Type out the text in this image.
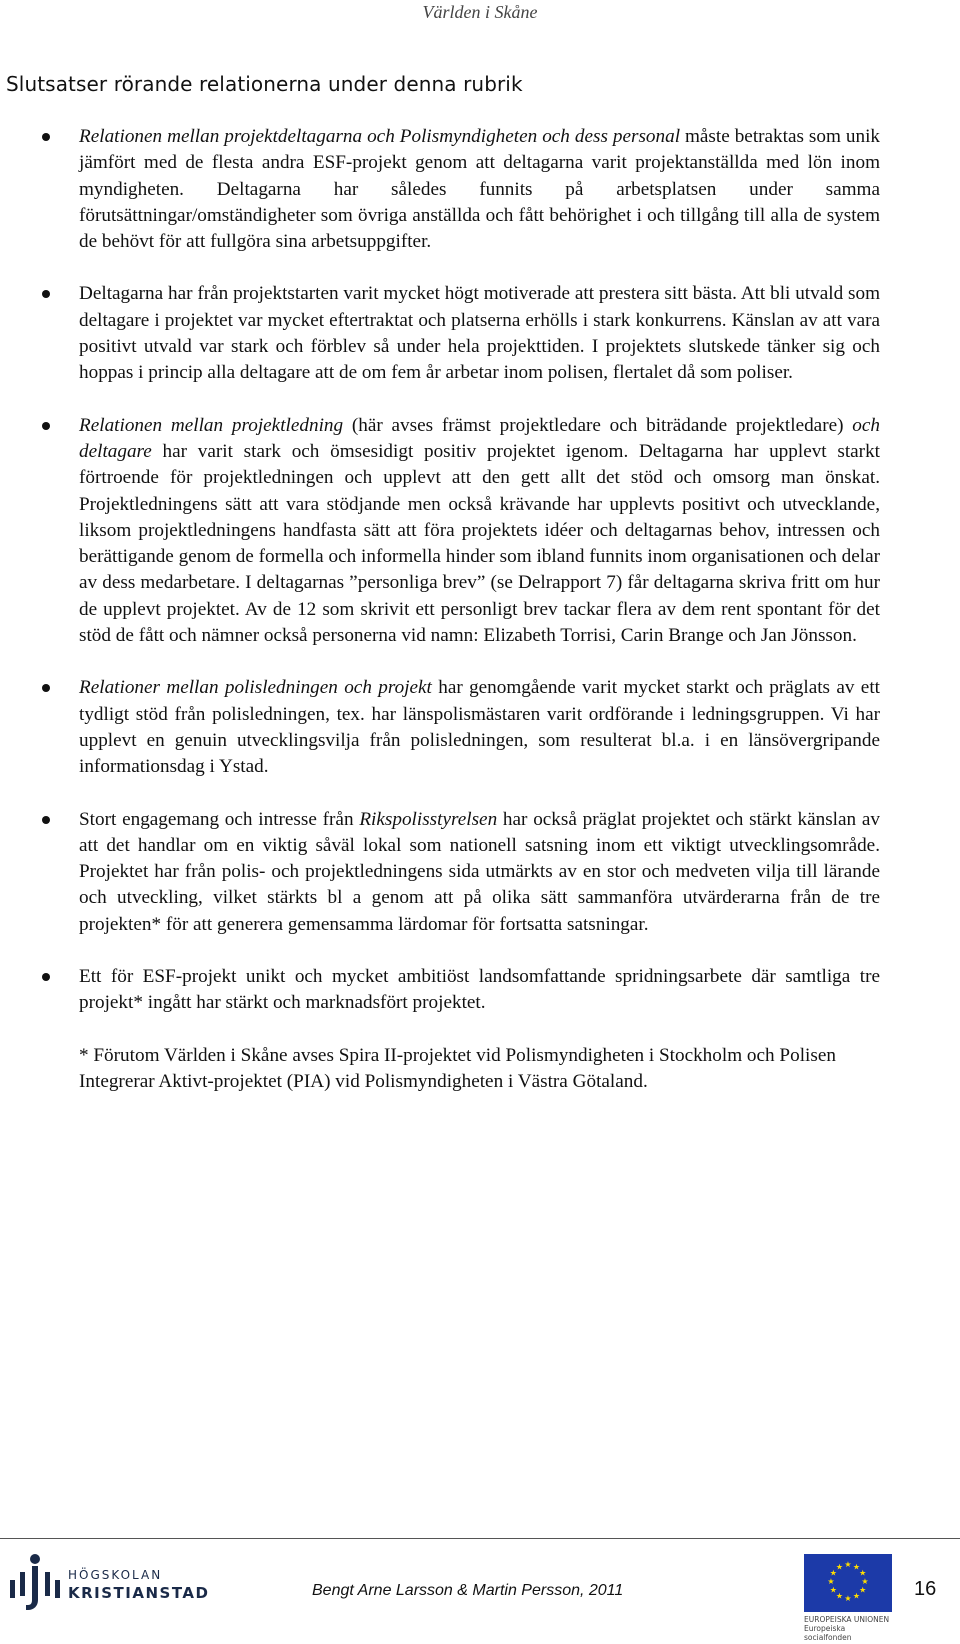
Världen i Skåne
Slutsatser rörande relationerna under denna rubrik
Relationen mellan projektdeltagarna och Polismyndigheten och dess personal måste betraktas som unik jämfört med de flesta andra ESF-projekt genom att deltagarna varit projektanställda med lön inom myndigheten. Deltagarna har således funnits på arbetsplatsen under samma förutsättningar/omständigheter som övriga anställda och fått behörighet i och tillgång till alla de system de behövt för att fullgöra sina arbetsuppgifter.
Deltagarna har från projektstarten varit mycket högt motiverade att prestera sitt bästa. Att bli utvald som deltagare i projektet var mycket eftertraktat och platserna erhölls i stark konkurrens. Känslan av att vara positivt utvald var stark och förblev så under hela projekttiden. I projektets slutskede tänker sig och hoppas i princip alla deltagare att de om fem år arbetar inom polisen, flertalet då som poliser.
Relationen mellan projektledning (här avses främst projektledare och biträdande projektledare) och deltagare har varit stark och ömsesidigt positiv projektet igenom. Deltagarna har upplevt starkt förtroende för projektledningen och upplevt att den gett allt det stöd och omsorg man önskat. Projektledningens sätt att vara stödjande men också krävande har upplevts positivt och utvecklande, liksom projektledningens handfasta sätt att föra projektets idéer och deltagarnas behov, intressen och berättigande genom de formella och informella hinder som ibland funnits inom organisationen och delar av dess medarbetare. I deltagarnas ”personliga brev” (se Delrapport 7) får deltagarna skriva fritt om hur de upplevt projektet. Av de 12 som skrivit ett personligt brev tackar flera av dem rent spontant för det stöd de fått och nämner också personerna vid namn: Elizabeth Torrisi, Carin Brange och Jan Jönsson.
Relationer mellan polisledningen och projekt har genomgående varit mycket starkt och präglats av ett tydligt stöd från polisledningen, tex. har länspolismästaren varit ordförande i ledningsgruppen. Vi har upplevt en genuin utvecklingsvilja från polisledningen, som resulterat bl.a. i en länsövergripande informationsdag i Ystad.
Stort engagemang och intresse från Rikspolisstyrelsen har också präglat projektet och stärkt känslan av att det handlar om en viktig såväl lokal som nationell satsning inom ett viktigt utvecklingsområde. Projektet har från polis- och projektledningens sida utmärkts av en stor och medveten vilja till lärande och utveckling, vilket stärkts bl a genom att på olika sätt sammanföra utvärderarna från de tre projekten* för att generera gemensamma lärdomar för fortsatta satsningar.
Ett för ESF-projekt unikt och mycket ambitiöst landsomfattande spridningsarbete där samtliga tre projekt* ingått har stärkt och marknadsfört projektet.
* Förutom Världen i Skåne avses Spira II-projektet vid Polismyndigheten i Stockholm och Polisen Integrerar Aktivt-projektet (PIA) vid Polismyndigheten i Västra Götaland.
HÖGSKOLAN
KRISTIANSTAD	Bengt Arne Larsson & Martin Persson, 2011
★ ★
★
★
★
★
★
★
★
★
★
★
EUROPEISKA UNIONEN
Europeiska socialfonden
16
